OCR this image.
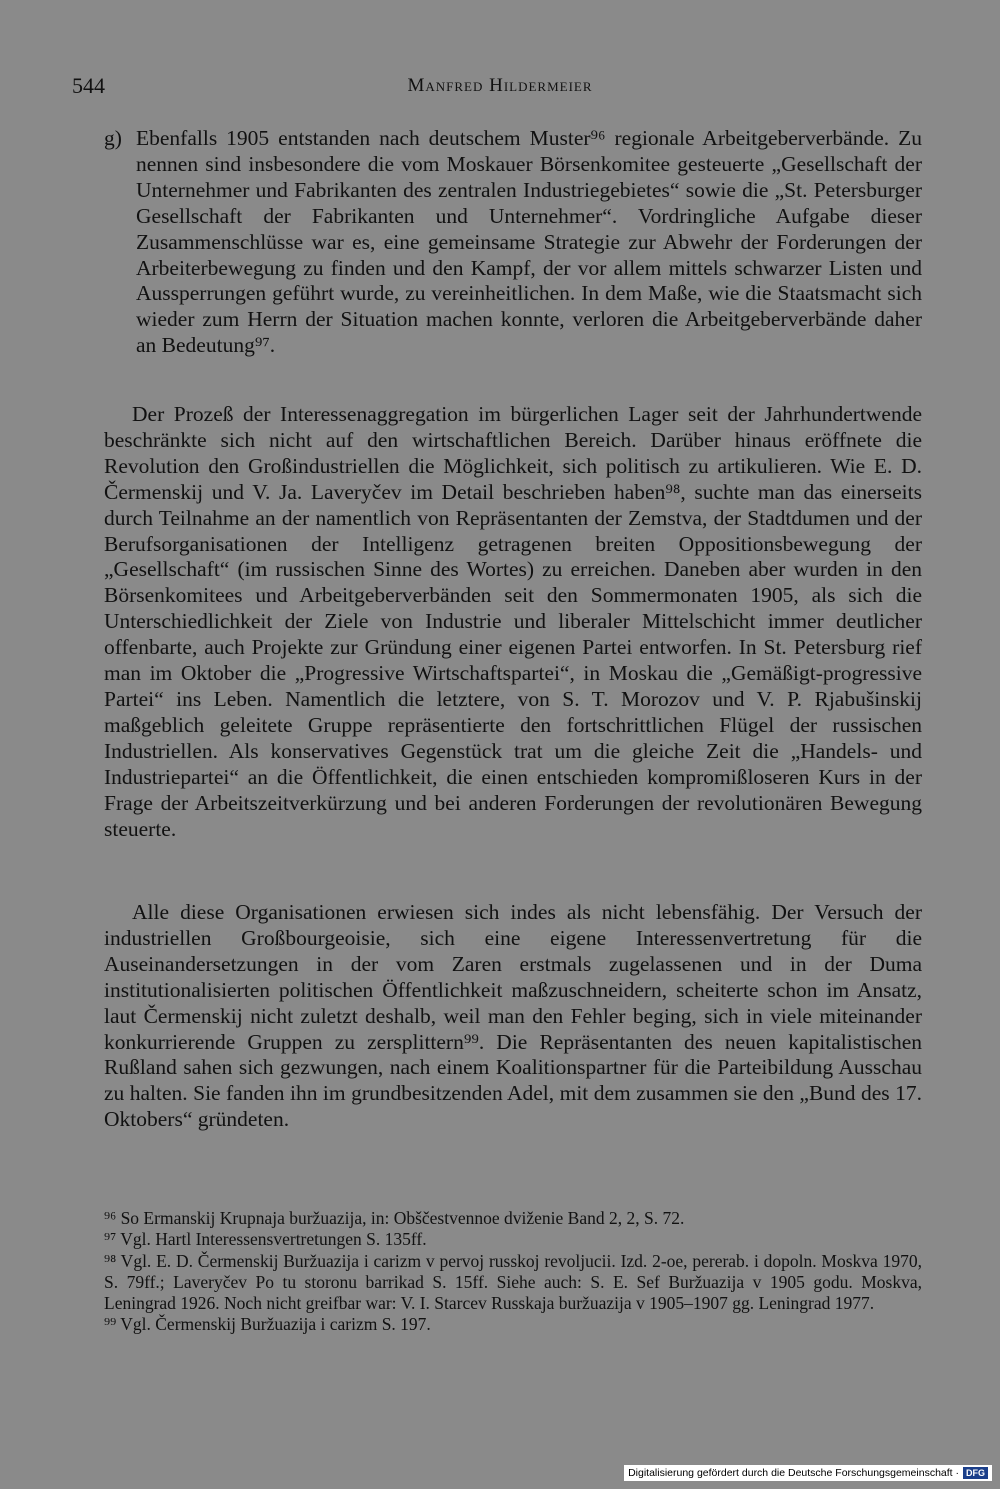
544	Manfred Hildermeier
g) Ebenfalls 1905 entstanden nach deutschem Muster⁹⁶ regionale Arbeitgeberverbände. Zu nennen sind insbesondere die vom Moskauer Börsenkomitee gesteuerte „Gesellschaft der Unternehmer und Fabrikanten des zentralen Industriegebietes“ sowie die „St. Petersburger Gesellschaft der Fabrikanten und Unternehmer“. Vordringliche Aufgabe dieser Zusammenschlüsse war es, eine gemeinsame Strategie zur Abwehr der Forderungen der Arbeiterbewegung zu finden und den Kampf, der vor allem mittels schwarzer Listen und Aussperrungen geführt wurde, zu vereinheitlichen. In dem Maße, wie die Staatsmacht sich wieder zum Herrn der Situation machen konnte, verloren die Arbeitgeberverbände daher an Bedeutung⁹⁷.

Der Prozeß der Interessenaggregation im bürgerlichen Lager seit der Jahrhundertwende beschränkte sich nicht auf den wirtschaftlichen Bereich. Darüber hinaus eröffnete die Revolution den Großindustriellen die Möglichkeit, sich politisch zu artikulieren. Wie E. D. Čermenskij und V. Ja. Laveryčev im Detail beschrieben haben⁹⁸, suchte man das einerseits durch Teilnahme an der namentlich von Repräsentanten der Zemstva, der Stadtdumen und der Berufsorganisationen der Intelligenz getragenen breiten Oppositionsbewegung der „Gesellschaft“ (im russischen Sinne des Wortes) zu erreichen. Daneben aber wurden in den Börsenkomitees und Arbeitgeberverbänden seit den Sommermonaten 1905, als sich die Unterschiedlichkeit der Ziele von Industrie und liberaler Mittelschicht immer deutlicher offenbarte, auch Projekte zur Gründung einer eigenen Partei entworfen. In St. Petersburg rief man im Oktober die „Progressive Wirtschaftspartei“, in Moskau die „Gemäßigt-progressive Partei“ ins Leben. Namentlich die letztere, von S. T. Morozov und V. P. Rjabušinskij maßgeblich geleitete Gruppe repräsentierte den fortschrittlichen Flügel der russischen Industriellen. Als konservatives Gegenstück trat um die gleiche Zeit die „Handels- und Industriepartei“ an die Öffentlichkeit, die einen entschieden kompromißloseren Kurs in der Frage der Arbeitszeitverkürzung und bei anderen Forderungen der revolutionären Bewegung steuerte.

Alle diese Organisationen erwiesen sich indes als nicht lebensfähig. Der Versuch der industriellen Großbourgeoisie, sich eine eigene Interessenvertretung für die Auseinandersetzungen in der vom Zaren erstmals zugelassenen und in der Duma institutionalisierten politischen Öffentlichkeit maßzuschneidern, scheiterte schon im Ansatz, laut Čermenskij nicht zuletzt deshalb, weil man den Fehler beging, sich in viele miteinander konkurrierende Gruppen zu zersplittern⁹⁹. Die Repräsentanten des neuen kapitalistischen Rußland sahen sich gezwungen, nach einem Koalitionspartner für die Parteibildung Ausschau zu halten. Sie fanden ihn im grundbesitzenden Adel, mit dem zusammen sie den „Bund des 17. Oktobers“ gründeten.

⁹⁶ So Ermanskij Krupnaja buržuazija, in: Obščestvennoe dviženie Band 2, 2, S. 72.

⁹⁷ Vgl. Hartl Interessensvertretungen S. 135ff.

⁹⁸ Vgl. E. D. Čermenskij Buržuazija i carizm v pervoj russkoj revoljucii. Izd. 2-oe, pererab. i dopoln. Moskva 1970, S. 79ff.; Laveryčev Po tu storonu barrikad S. 15ff. Siehe auch: S. E. Sef Buržuazija v 1905 godu. Moskva, Leningrad 1926. Noch nicht greifbar war: V. I. Starcev Russkaja buržuazija v 1905–1907 gg. Leningrad 1977.

⁹⁹ Vgl. Čermenskij Buržuazija i carizm S. 197.

Digitalisierung gefördert durch die Deutsche Forschungsgemeinschaft · DFG
